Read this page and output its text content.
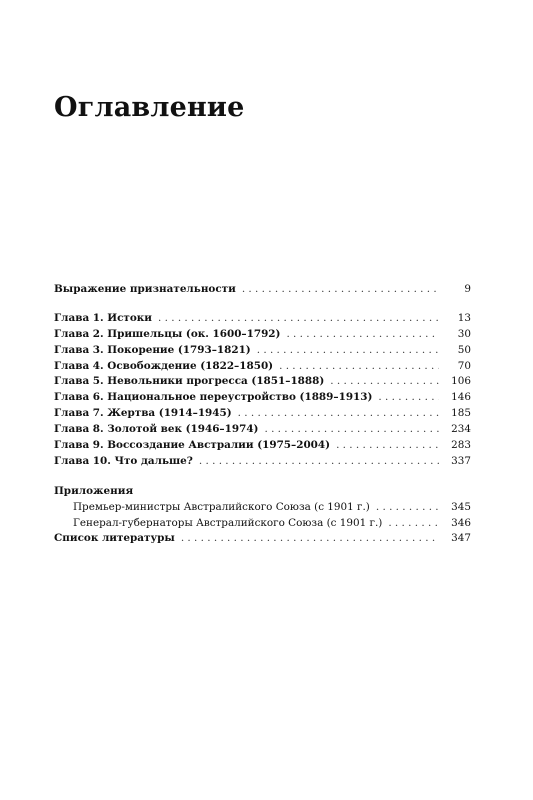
Оглавление
Выражение признательности . . .	9
Глава 1. Истоки . . .	13
Глава 2. Пришельцы (ок. 1600–1792) . . .	30
Глава 3. Покорение (1793–1821) . . .	50
Глава 4. Освобождение (1822–1850) . . .	70
Глава 5. Невольники прогресса (1851–1888) . . .	106
Глава 6. Национальное переустройство (1889–1913) . . .	146
Глава 7. Жертва (1914–1945) . . .	185
Глава 8. Золотой век (1946–1974) . . .	234
Глава 9. Воссоздание Австралии (1975–2004) . . .	283
Глава 10. Что дальше? . . .	337
Приложения
Премьер-министры Австралийского Союза (с 1901 г.) . . .	345
Генерал-губернаторы Австралийского Союза (с 1901 г.) . . .	346
Список литературы . . .	347
